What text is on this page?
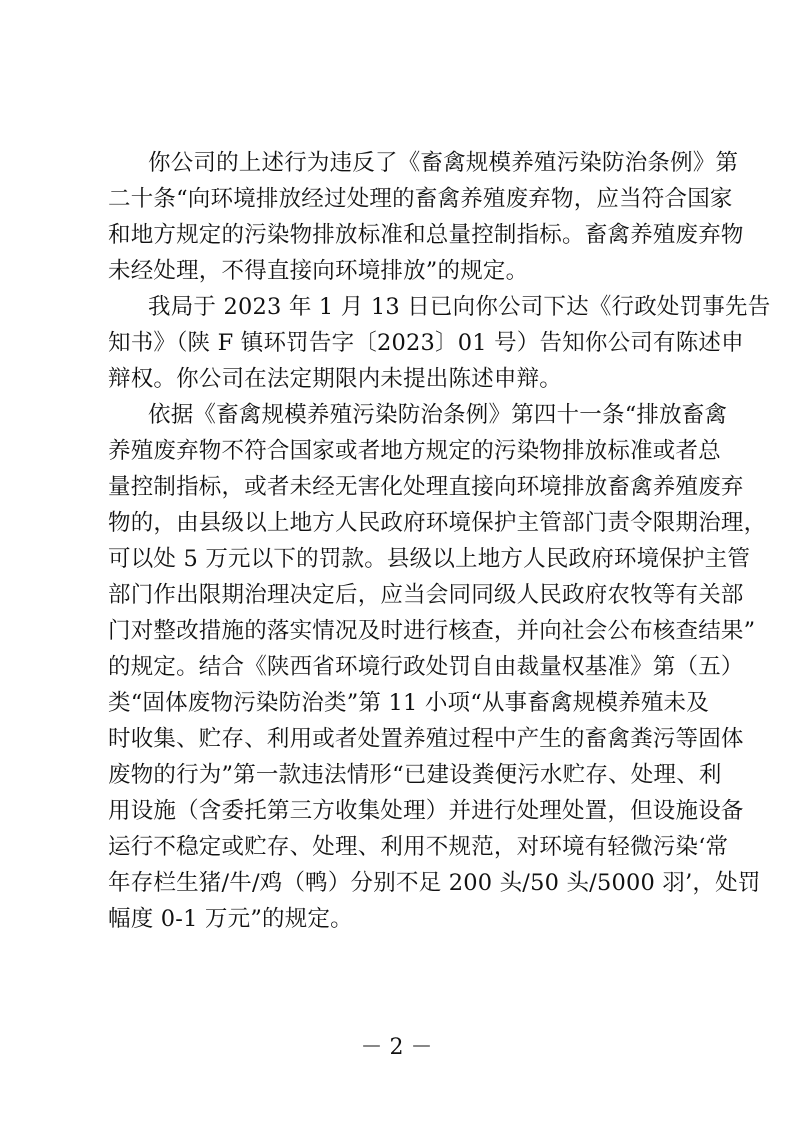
你公司的上述行为违反了《畜禽规模养殖污染防治条例》第
二十条“向环境排放经过处理的畜禽养殖废弃物，应当符合国家
和地方规定的污染物排放标准和总量控制指标。畜禽养殖废弃物
未经处理，不得直接向环境排放”的规定。
我局于 2023 年 1 月 13 日已向你公司下达《行政处罚事先告
知书》（陕 F 镇环罚告字〔2023〕01 号）告知你公司有陈述申
辩权。你公司在法定期限内未提出陈述申辩。
依据《畜禽规模养殖污染防治条例》第四十一条“排放畜禽
养殖废弃物不符合国家或者地方规定的污染物排放标准或者总
量控制指标，或者未经无害化处理直接向环境排放畜禽养殖废弃
物的，由县级以上地方人民政府环境保护主管部门责令限期治理，
可以处 5 万元以下的罚款。县级以上地方人民政府环境保护主管
部门作出限期治理决定后，应当会同同级人民政府农牧等有关部
门对整改措施的落实情况及时进行核查，并向社会公布核查结果”
的规定。结合《陕西省环境行政处罚自由裁量权基准》第（五）
类“固体废物污染防治类”第 11 小项“从事畜禽规模养殖未及
时收集、贮存、利用或者处置养殖过程中产生的畜禽粪污等固体
废物的行为”第一款违法情形“已建设粪便污水贮存、处理、利
用设施（含委托第三方收集处理）并进行处理处置，但设施设备
运行不稳定或贮存、处理、利用不规范，对环境有轻微污染‘常
年存栏生猪/牛/鸡（鸭）分别不足 200 头/50 头/5000 羽’，处罚
幅度 0-1 万元”的规定。
－ 2 －
